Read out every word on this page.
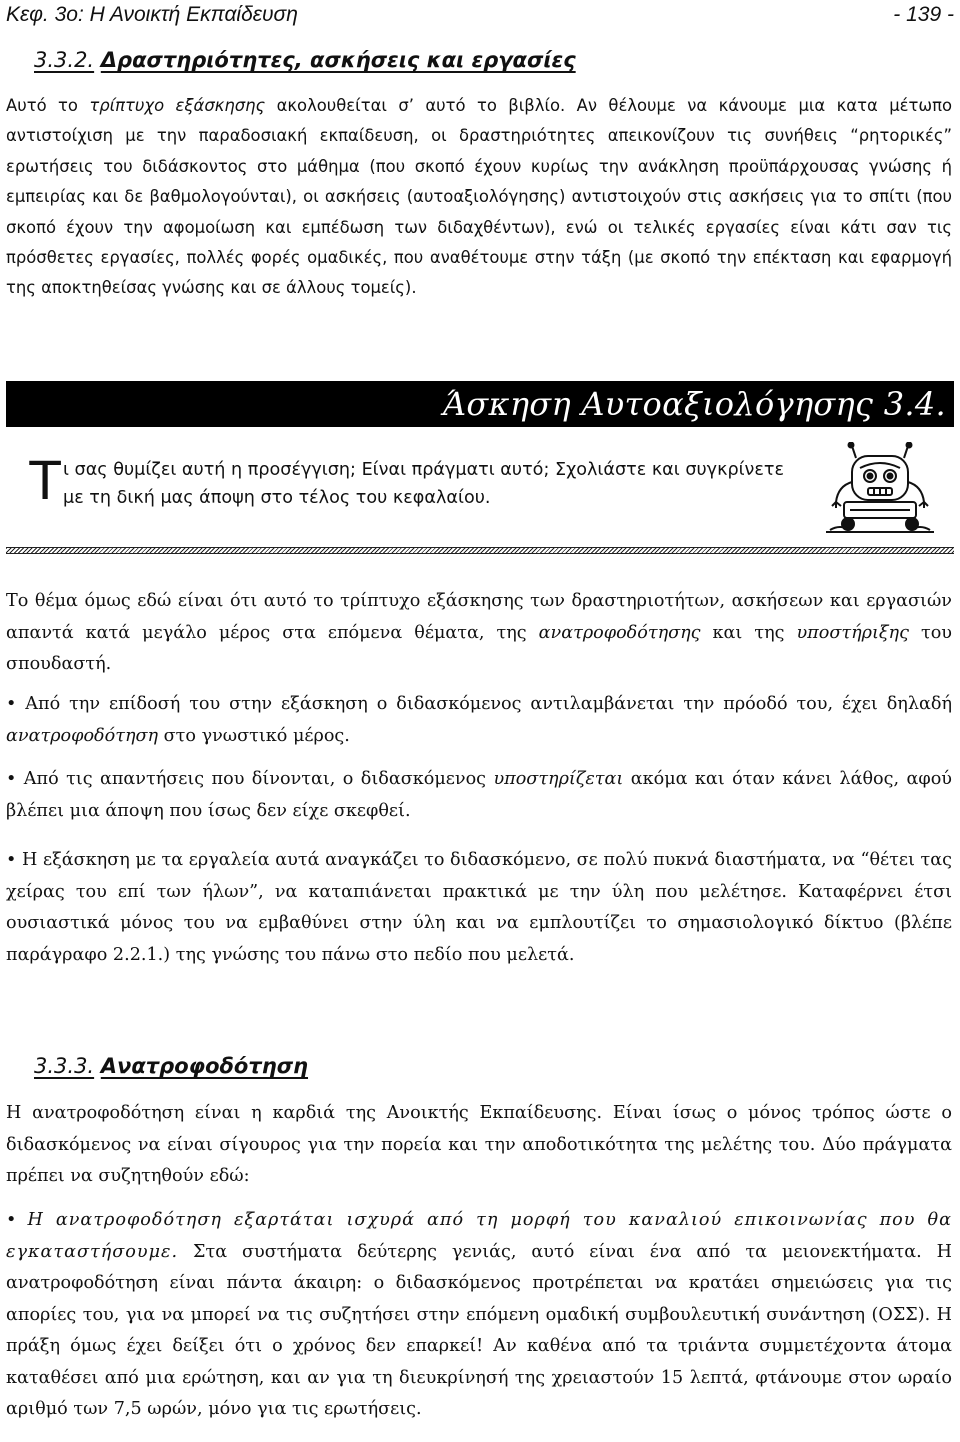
Κεφ. 3ο: Η Ανοικτή Εκπαίδευση	- 139 -
3.3.2. Δραστηριότητες, ασκήσεις και εργασίες

Αυτό το τρίπτυχο εξάσκησης ακολουθείται σ’ αυτό το βιβλίο. Αν θέλουμε να κάνουμε μια κατα μέτωπο αντιστοίχιση με την παραδοσιακή εκπαίδευση, οι δραστηριότητες απεικονίζουν τις συνήθεις “ρητορικές” ερωτήσεις του διδάσκοντος στο μάθημα (που σκοπό έχουν κυρίως την ανάκληση προϋπάρχουσας γνώσης ή εμπειρίας και δε βαθμολογούνται), οι ασκήσεις (αυτοαξιολόγησης) αντιστοιχούν στις ασκήσεις για το σπίτι (που σκοπό έχουν την αφομοίωση και εμπέδωση των διδαχθέντων), ενώ οι τελικές εργασίες είναι κάτι σαν τις πρόσθετες εργασίες, πολλές φορές ομαδικές, που αναθέτουμε στην τάξη (με σκοπό την επέκταση και εφαρμογή της αποκτηθείσας γνώσης και σε άλλους τομείς).

Άσκηση Αυτοαξιολόγησης 3.4.
Τ ι σας θυμίζει αυτή η προσέγγιση; Είναι πράγματι αυτό; Σχολιάστε και συγκρίνετε με τη δική μας άποψη στο τέλος του κεφαλαίου.

Το θέμα όμως εδώ είναι ότι αυτό το τρίπτυχο εξάσκησης των δραστηριοτήτων, ασκήσεων και εργασιών απαντά κατά μεγάλο μέρος στα επόμενα θέματα, της ανατροφοδότησης και της υποστήριξης του σπουδαστή.

• Από την επίδοσή του στην εξάσκηση ο διδασκόμενος αντιλαμβάνεται την πρόοδό του, έχει δηλαδή ανατροφοδότηση στο γνωστικό μέρος.

• Από τις απαντήσεις που δίνονται, ο διδασκόμενος υποστηρίζεται ακόμα και όταν κάνει λάθος, αφού βλέπει μια άποψη που ίσως δεν είχε σκεφθεί.

• Η εξάσκηση με τα εργαλεία αυτά αναγκάζει το διδασκόμενο, σε πολύ πυκνά διαστήματα, να “θέτει τας χείρας του επί των ήλων”, να καταπιάνεται πρακτικά με την ύλη που μελέτησε. Καταφέρνει έτσι ουσιαστικά μόνος του να εμβαθύνει στην ύλη και να εμπλουτίζει το σημασιολογικό δίκτυο (βλέπε παράγραφο 2.2.1.) της γνώσης του πάνω στο πεδίο που μελετά.

3.3.3. Ανατροφοδότηση

Η ανατροφοδότηση είναι η καρδιά της Ανοικτής Εκπαίδευσης. Είναι ίσως ο μόνος τρόπος ώστε ο διδασκόμενος να είναι σίγουρος για την πορεία και την αποδοτικότητα της μελέτης του. Δύο πράγματα πρέπει να συζητηθούν εδώ:

• Η ανατροφοδότηση εξαρτάται ισχυρά από τη μορφή του καναλιού επικοινωνίας που θα εγκαταστήσουμε. Στα συστήματα δεύτερης γενιάς, αυτό είναι ένα από τα μειονεκτήματα. Η ανατροφοδότηση είναι πάντα άκαιρη: ο διδασκόμενος προτρέπεται να κρατάει σημειώσεις για τις απορίες του, για να μπορεί να τις συζητήσει στην επόμενη ομαδική συμβουλευτική συνάντηση (ΟΣΣ). Η πράξη όμως έχει δείξει ότι ο χρόνος δεν επαρκεί! Αν καθένα από τα τριάντα συμμετέχοντα άτομα καταθέσει από μια ερώτηση, και αν για τη διευκρίνησή της χρειαστούν 15 λεπτά, φτάνουμε στον ωραίο αριθμό των 7,5 ωρών, μόνο για τις ερωτήσεις.
